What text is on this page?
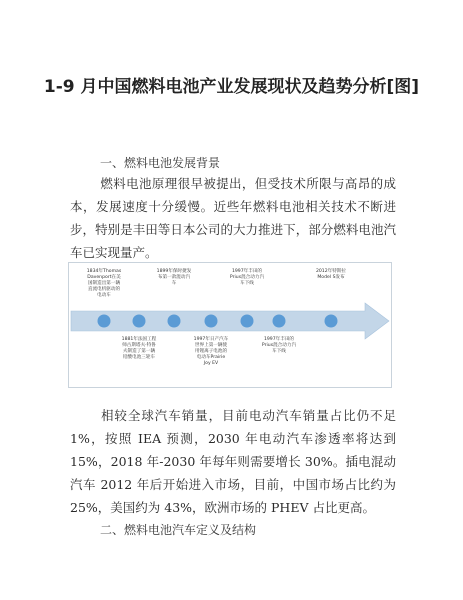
1-9 月中国燃料电池产业发展现状及趋势分析[图]
一、燃料电池发展背景
燃料电池原理很早被提出，但受技术所限与高昂的成本，发展速度十分缓慢。近些年燃料电池相关技术不断进步，特别是丰田等日本公司的大力推进下，部分燃料电池汽车已实现量产。
1834年Thomas Davenport在美国制造出第一辆直流电机驱动的电动车
1899年保时捷发布第一款混动汽车
1997年丰田的Prius混合动力汽车下线
2012年特斯拉Model S发布
1881年法国工程师古斯塔夫·特鲁夫制造了第一辆铅酸电池三轮车
1997年日产汽车世界上第一辆使用锂离子电池的电动车Prairie Joy EV
1997年丰田的Prius混合动力汽车下线
相较全球汽车销量，目前电动汽车销量占比仍不足 1%，按照 IEA 预测，2030 年电动汽车渗透率将达到 15%，2018 年-2030 年每年则需要增长 30%。插电混动汽车 2012 年后开始进入市场，目前，中国市场占比约为 25%，美国约为 43%，欧洲市场的 PHEV 占比更高。
二、燃料电池汽车定义及结构
